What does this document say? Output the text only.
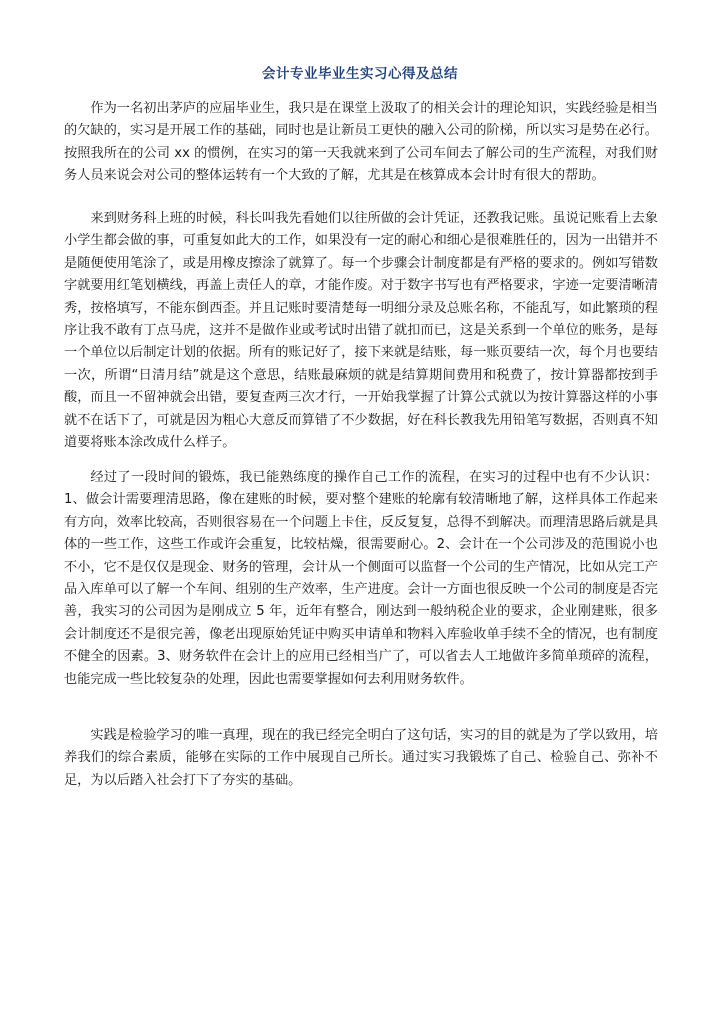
会计专业毕业生实习心得及总结

作为一名初出茅庐的应届毕业生，我只是在课堂上汲取了的相关会计的理论知识，实践经验是相当的欠缺的，实习是开展工作的基础，同时也是让新员工更快的融入公司的阶梯，所以实习是势在必行。按照我所在的公司 xx 的惯例，在实习的第一天我就来到了公司车间去了解公司的生产流程，对我们财务人员来说会对公司的整体运转有一个大致的了解，尤其是在核算成本会计时有很大的帮助。

来到财务科上班的时候，科长叫我先看她们以往所做的会计凭证，还教我记账。虽说记账看上去象小学生都会做的事，可重复如此大的工作，如果没有一定的耐心和细心是很难胜任的，因为一出错并不是随便使用笔涂了，或是用橡皮擦涂了就算了。每一个步骤会计制度都是有严格的要求的。例如写错数字就要用红笔划横线，再盖上责任人的章，才能作废。对于数字书写也有严格要求，字迹一定要清晰清秀，按格填写，不能东倒西歪。并且记账时要清楚每一明细分录及总账名称，不能乱写，如此繁琐的程序让我不敢有丁点马虎，这并不是做作业或考试时出错了就扣而已，这是关系到一个单位的账务，是每一个单位以后制定计划的依据。所有的账记好了，接下来就是结账，每一账页要结一次，每个月也要结一次，所谓“日清月结”就是这个意思，结账最麻烦的就是结算期间费用和税费了，按计算器都按到手酸，而且一不留神就会出错，要复查两三次才行，一开始我掌握了计算公式就以为按计算器这样的小事就不在话下了，可就是因为粗心大意反而算错了不少数据，好在科长教我先用铅笔写数据，否则真不知道要将账本涂改成什么样子。

经过了一段时间的锻炼，我已能熟练度的操作自己工作的流程，在实习的过程中也有不少认识：1、做会计需要理清思路，像在建账的时候，要对整个建账的轮廓有较清晰地了解，这样具体工作起来有方向，效率比较高，否则很容易在一个问题上卡住，反反复复，总得不到解决。而理清思路后就是具体的一些工作，这些工作或许会重复，比较枯燥，很需要耐心。2、会计在一个公司涉及的范围说小也不小，它不是仅仅是现金、财务的管理，会计从一个侧面可以监督一个公司的生产情况，比如从完工产品入库单可以了解一个车间、组别的生产效率，生产进度。会计一方面也很反映一个公司的制度是否完善，我实习的公司因为是刚成立 5 年，近年有整合，刚达到一般纳税企业的要求，企业刚建账，很多会计制度还不是很完善，像老出现原始凭证中购买申请单和物料入库验收单手续不全的情况，也有制度不健全的因素。3、财务软件在会计上的应用已经相当广了，可以省去人工地做许多简单琐碎的流程，也能完成一些比较复杂的处理，因此也需要掌握如何去利用财务软件。

实践是检验学习的唯一真理，现在的我已经完全明白了这句话，实习的目的就是为了学以致用，培养我们的综合素质，能够在实际的工作中展现自己所长。通过实习我锻炼了自己、检验自己、弥补不足，为以后踏入社会打下了夯实的基础。
